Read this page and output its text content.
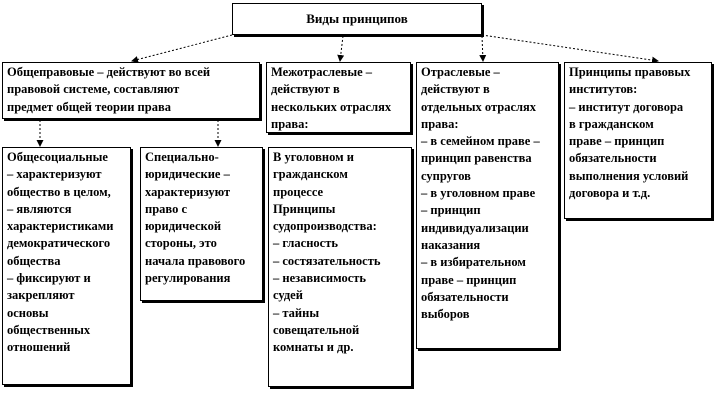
Виды принципов
Общеправовые – действуют во всей
правовой системе, составляют
предмет общей теории права
Межотраслевые –
действуют в
нескольких отраслях
права:
Отраслевые –
действуют в
отдельных отраслях
права:
– в семейном праве –
принцип равенства
супругов
– в уголовном праве
– принцип
индивидуализации
наказания
– в избирательном
праве – принцип
обязательности
выборов
Принципы правовых
институтов:
– институт договора
в гражданском
праве – принцип
обязательности
выполнения условий
договора и т.д.
Общесоциальные
– характеризуют
общество в целом,
– являются
характеристиками
демократического
общества
– фиксируют и
закрепляют
основы
общественных
отношений
Специально-
юридические –
характеризуют
право с
юридической
стороны, это
начала правового
регулирования
В уголовном и
гражданском
процессе
Принципы
судопроизводства:
– гласность
– состязательность
– независимость
судей
– тайны
совещательной
комнаты и др.
